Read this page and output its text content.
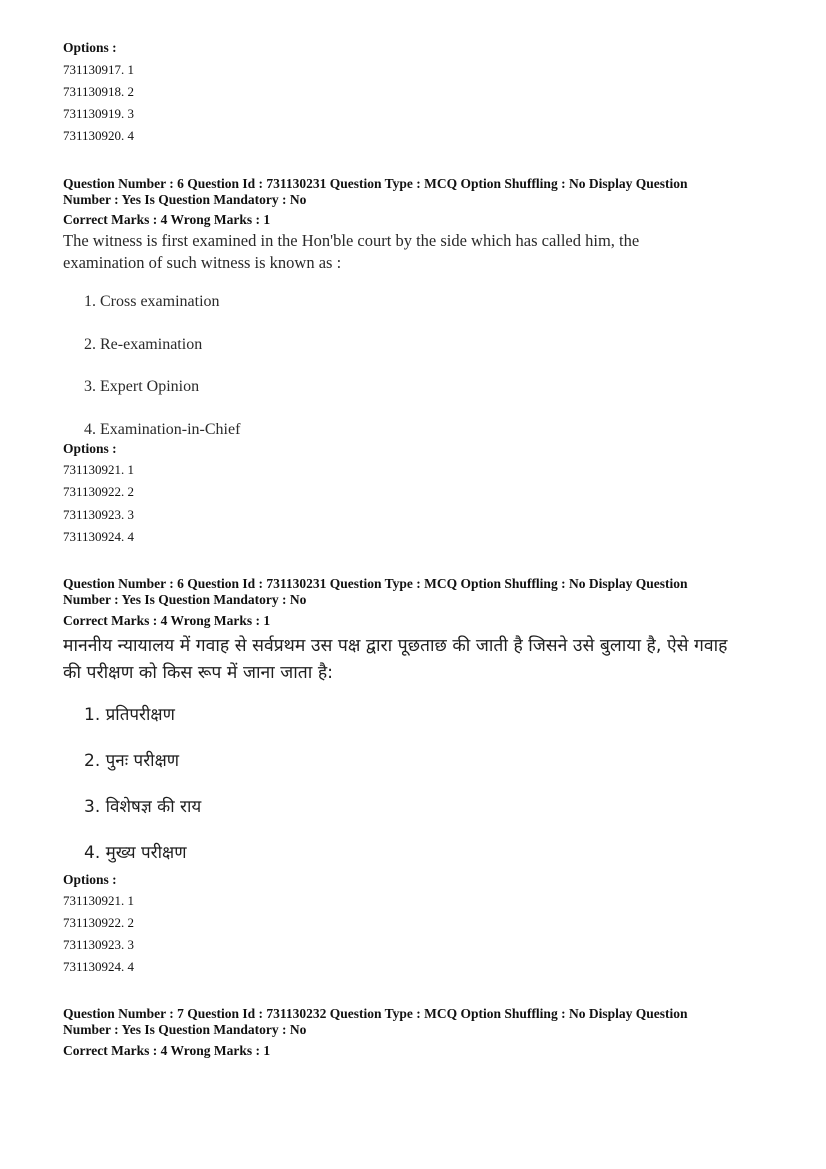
Options :
731130917. 1
731130918. 2
731130919. 3
731130920. 4
Question Number : 6 Question Id : 731130231 Question Type : MCQ Option Shuffling : No Display Question
Number : Yes Is Question Mandatory : No
Correct Marks : 4 Wrong Marks : 1
The witness is first examined in the Hon'ble court by the side which has called him, the
examination of such witness is known as :
1. Cross examination
2. Re-examination
3. Expert Opinion
4. Examination-in-Chief
Options :
731130921. 1
731130922. 2
731130923. 3
731130924. 4
Question Number : 6 Question Id : 731130231 Question Type : MCQ Option Shuffling : No Display Question
Number : Yes Is Question Mandatory : No
Correct Marks : 4 Wrong Marks : 1
माननीय न्यायालय में गवाह से सर्वप्रथम उस पक्ष द्वारा पूछताछ की जाती है जिसने उसे बुलाया है, ऐसे गवाह
की परीक्षण को किस रूप में जाना जाता है:
1. प्रतिपरीक्षण
2. पुनः परीक्षण
3. विशेषज्ञ की राय
4. मुख्य परीक्षण
Options :
731130921. 1
731130922. 2
731130923. 3
731130924. 4
Question Number : 7 Question Id : 731130232 Question Type : MCQ Option Shuffling : No Display Question
Number : Yes Is Question Mandatory : No
Correct Marks : 4 Wrong Marks : 1
